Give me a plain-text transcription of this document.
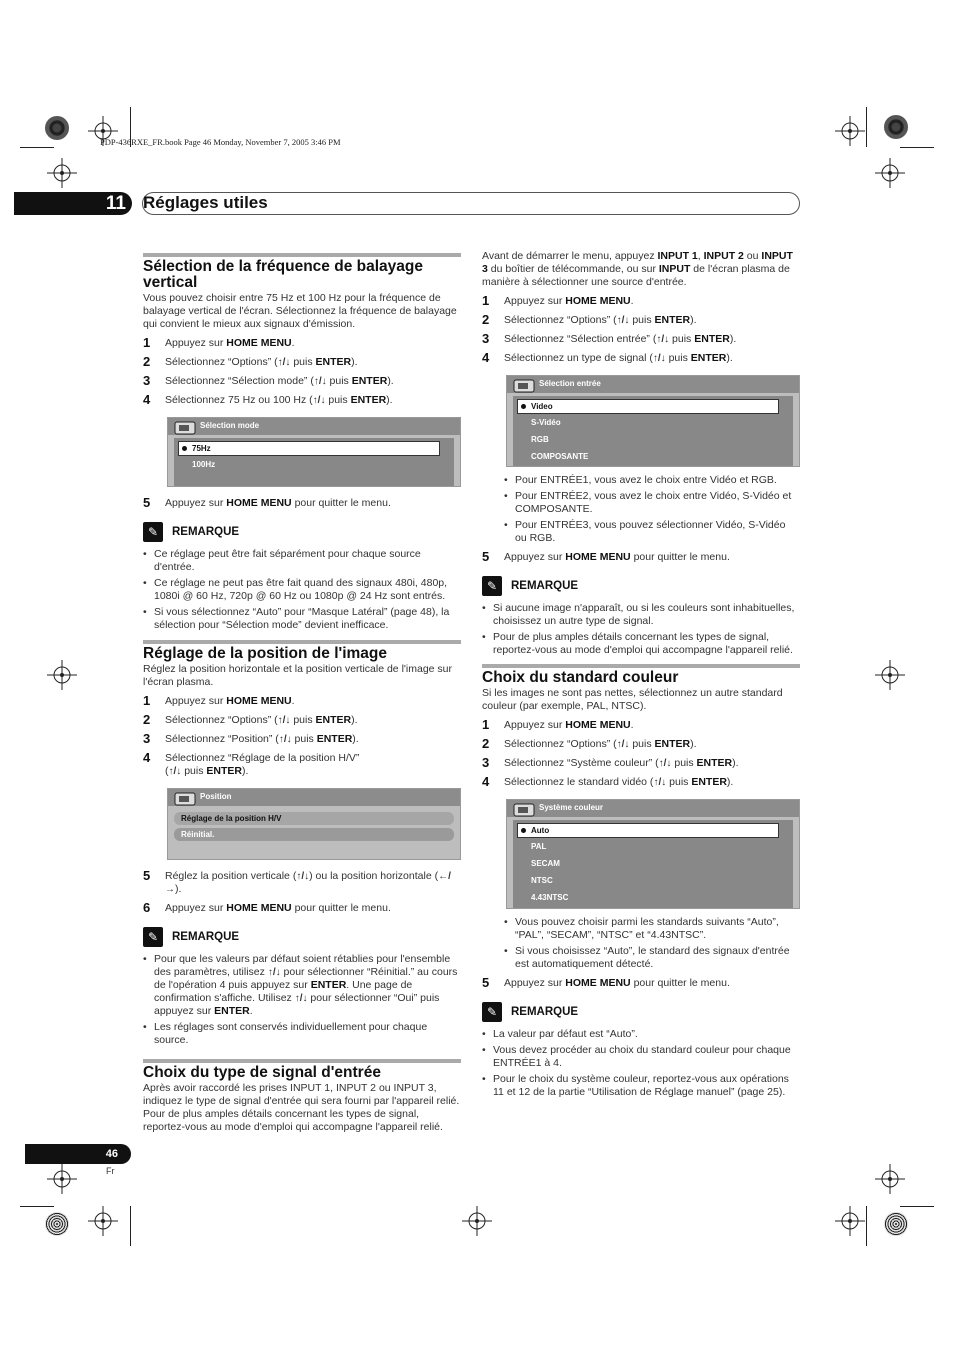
PDP-436RXE_FR.book Page 46 Monday, November 7, 2005 3:46 PM
11	Réglages utiles
Sélection de la fréquence de balayage vertical

Vous pouvez choisir entre 75 Hz et 100 Hz pour la fréquence de balayage vertical de l'écran. Sélectionnez la fréquence de balayage qui convient le mieux aux signaux d'émission.

1 Appuyez sur HOME MENU.
2 Sélectionnez “Options” (↑/↓ puis ENTER).
3 Sélectionnez “Sélection mode” (↑/↓ puis ENTER).
4 Sélectionnez 75 Hz ou 100 Hz (↑/↓ puis ENTER).
Sélection mode
75Hz
100Hz
5 Appuyez sur HOME MENU pour quitter le menu.
✎	REMARQUE
• Ce réglage peut être fait séparément pour chaque source d'entrée.
• Ce réglage ne peut pas être fait quand des signaux 480i, 480p, 1080i @ 60 Hz, 720p @ 60 Hz ou 1080p @ 24 Hz sont entrés.
• Si vous sélectionnez “Auto” pour “Masque Latéral” (page 48), la sélection pour “Sélection mode” devient inefficace.
Réglage de la position de l'image

Réglez la position horizontale et la position verticale de l'image sur l'écran plasma.

1 Appuyez sur HOME MENU.
2 Sélectionnez “Options” (↑/↓ puis ENTER).
3 Sélectionnez “Position” (↑/↓ puis ENTER).
4 Sélectionnez “Réglage de la position H/V”
(↑/↓ puis ENTER).
Position
Réglage de la position H/V
Réinitial.
5 Réglez la position verticale (↑/↓) ou la position horizontale (←/→).
6 Appuyez sur HOME MENU pour quitter le menu.
✎	REMARQUE
• Pour que les valeurs par défaut soient rétablies pour l'ensemble des paramètres, utilisez ↑/↓ pour sélectionner “Réinitial.” au cours de l'opération 4 puis appuyez sur ENTER. Une page de confirmation s'affiche. Utilisez ↑/↓ pour sélectionner “Oui” puis appuyez sur ENTER.
• Les réglages sont conservés individuellement pour chaque source.
Choix du type de signal d'entrée

Après avoir raccordé les prises INPUT 1, INPUT 2 ou INPUT 3, indiquez le type de signal d'entrée qui sera fourni par l'appareil relié. Pour de plus amples détails concernant les types de signal, reportez-vous au mode d'emploi qui accompagne l'appareil relié.

Avant de démarrer le menu, appuyez INPUT 1, INPUT 2 ou INPUT 3 du boîtier de télécommande, ou sur INPUT de l'écran plasma de manière à sélectionner une source d'entrée.

1 Appuyez sur HOME MENU.
2 Sélectionnez “Options” (↑/↓ puis ENTER).
3 Sélectionnez “Sélection entrée” (↑/↓ puis ENTER).
4 Sélectionnez un type de signal (↑/↓ puis ENTER).
Sélection entrée
Video
S-Vidéo
RGB
COMPOSANTE
• Pour ENTRÉE1, vous avez le choix entre Vidéo et RGB.
• Pour ENTRÉE2, vous avez le choix entre Vidéo, S-Vidéo et COMPOSANTE.
• Pour ENTRÉE3, vous pouvez sélectionner Vidéo, S-Vidéo ou RGB.
5 Appuyez sur HOME MENU pour quitter le menu.
✎	REMARQUE
• Si aucune image n'apparaît, ou si les couleurs sont inhabituelles, choisissez un autre type de signal.
• Pour de plus amples détails concernant les types de signal, reportez-vous au mode d'emploi qui accompagne l'appareil relié.
Choix du standard couleur

Si les images ne sont pas nettes, sélectionnez un autre standard couleur (par exemple, PAL, NTSC).

1 Appuyez sur HOME MENU.
2 Sélectionnez “Options” (↑/↓ puis ENTER).
3 Sélectionnez “Système couleur” (↑/↓ puis ENTER).
4 Sélectionnez le standard vidéo (↑/↓ puis ENTER).
Système couleur
Auto
PAL
SECAM
NTSC
4.43NTSC
• Vous pouvez choisir parmi les standards suivants “Auto”, “PAL”, “SECAM”, “NTSC” et “4.43NTSC”.
• Si vous choisissez “Auto”, le standard des signaux d'entrée est automatiquement détecté.
5 Appuyez sur HOME MENU pour quitter le menu.
✎	REMARQUE
• La valeur par défaut est “Auto”.
• Vous devez procéder au choix du standard couleur pour chaque ENTRÉE1 à 4.
• Pour le choix du système couleur, reportez-vous aux opérations 11 et 12 de la partie “Utilisation de Réglage manuel” (page 25).
46
Fr
